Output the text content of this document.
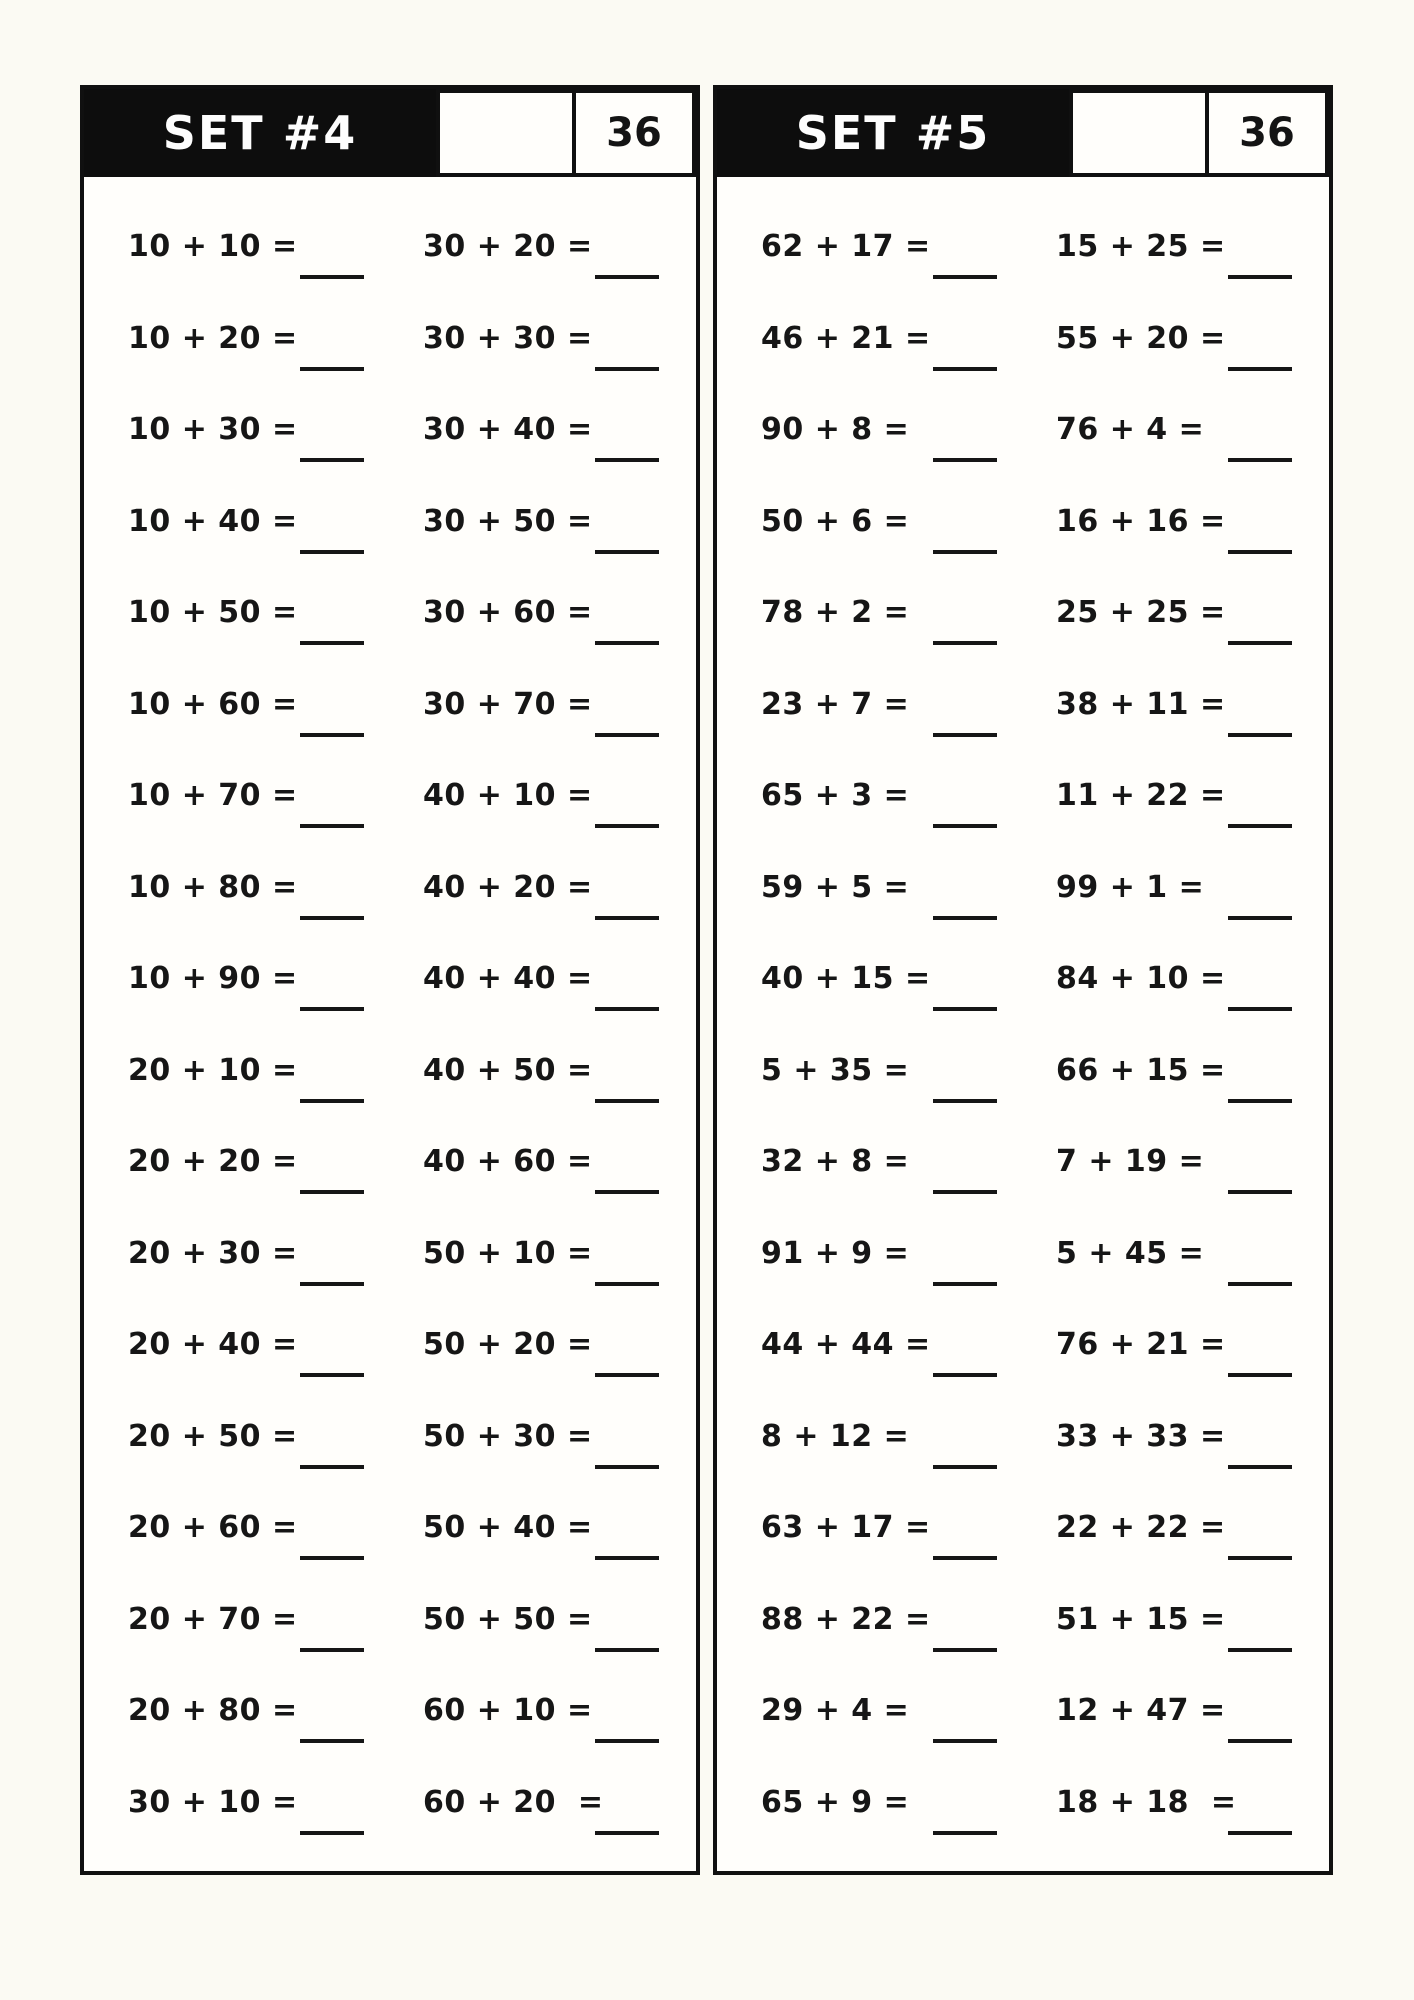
SET #4	36
10 + 10 =
10 + 20 =
10 + 30 =
10 + 40 =
10 + 50 =
10 + 60 =
10 + 70 =
10 + 80 =
10 + 90 =
20 + 10 =
20 + 20 =
20 + 30 =
20 + 40 =
20 + 50 =
20 + 60 =
20 + 70 =
20 + 80 =
30 + 10 =
30 + 20 =
30 + 30 =
30 + 40 =
30 + 50 =
30 + 60 =
30 + 70 =
40 + 10 =
40 + 20 =
40 + 40 =
40 + 50 =
40 + 60 =
50 + 10 =
50 + 20 =
50 + 30 =
50 + 40 =
50 + 50 =
60 + 10 =
60 + 20  =
SET #5	36
62 + 17 =
46 + 21 =
90 + 8 =
50 + 6 =
78 + 2 =
23 + 7 =
65 + 3 =
59 + 5 =
40 + 15 =
5 + 35 =
32 + 8 =
91 + 9 =
44 + 44 =
8 + 12 =
63 + 17 =
88 + 22 =
29 + 4 =
65 + 9 =
15 + 25 =
55 + 20 =
76 + 4 =
16 + 16 =
25 + 25 =
38 + 11 =
11 + 22 =
99 + 1 =
84 + 10 =
66 + 15 =
7 + 19 =
5 + 45 =
76 + 21 =
33 + 33 =
22 + 22 =
51 + 15 =
12 + 47 =
18 + 18  =
